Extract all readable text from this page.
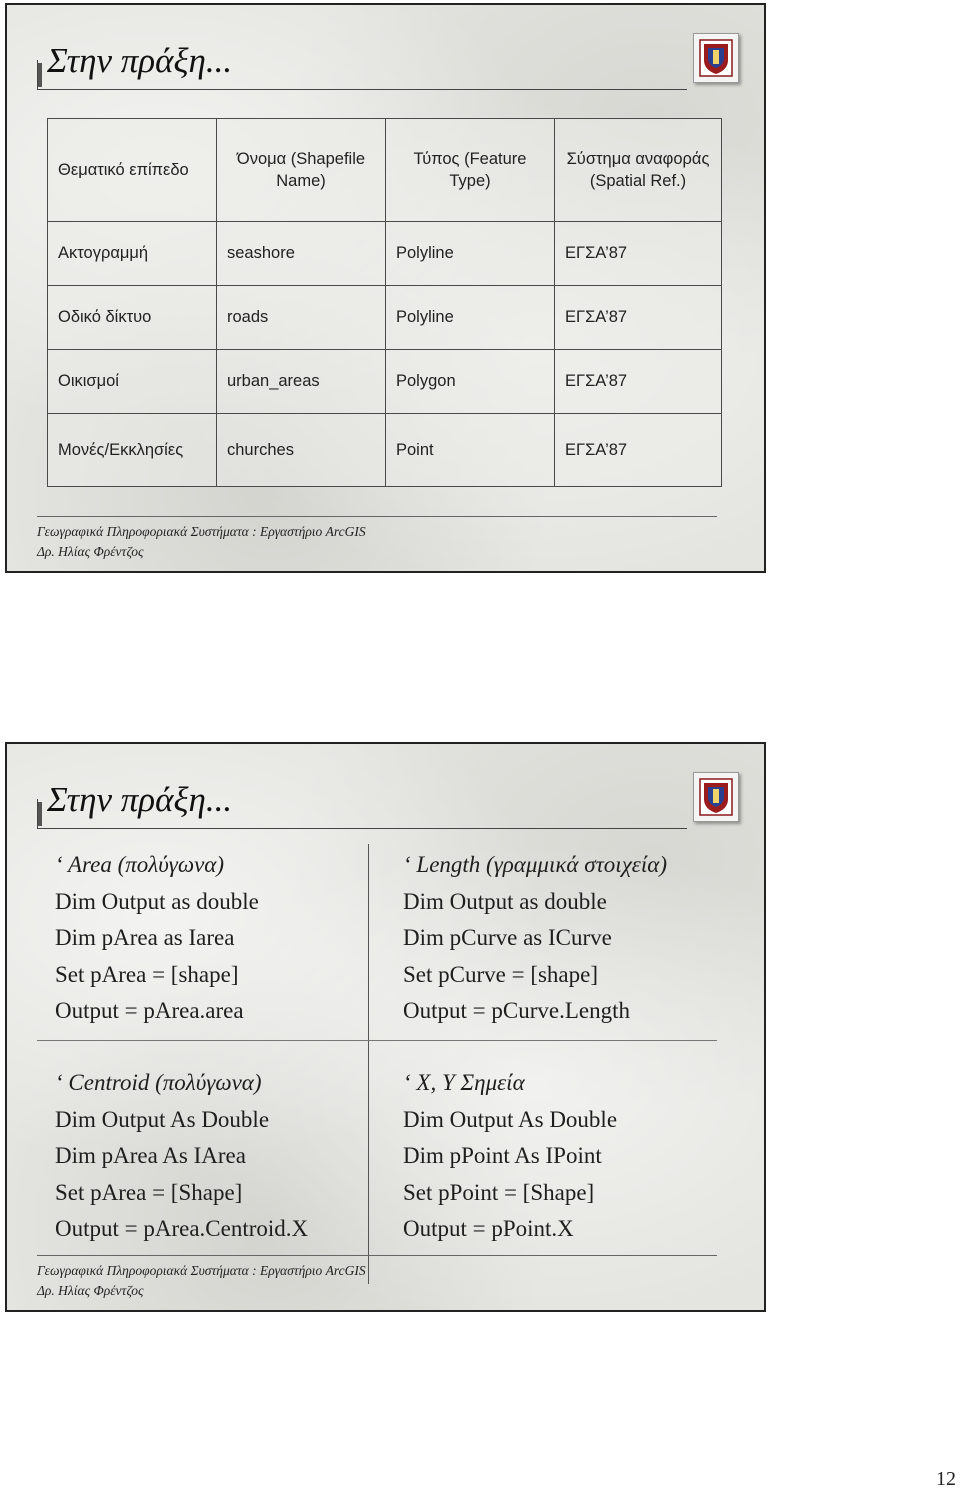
Στην πράξη...
Θεματικό επίπεδο	Όνομα (Shapefile Name)	Τύπος (Feature Type)	Σύστημα αναφοράς (Spatial Ref.)
Ακτογραμμή	seashore	Polyline	ΕΓΣΑ’87
Οδικό δίκτυο	roads	Polyline	ΕΓΣΑ’87
Οικισμοί	urban_areas	Polygon	ΕΓΣΑ’87
Μονές/Εκκλησίες	churches	Point	ΕΓΣΑ’87
Γεωγραφικά Πληροφοριακά Συστήματα : Εργαστήριο ArcGIS
Δρ. Ηλίας Φρέντζος
Στην πράξη...
‘ Area (πολύγωνα)
Dim Output as double
Dim pArea as Iarea
Set pArea = [shape]
Output = pArea.area
‘ Length (γραμμικά στοιχεία)
Dim Output as double
Dim pCurve as ICurve
Set pCurve = [shape]
Output = pCurve.Length
‘ Centroid (πολύγωνα)
Dim Output As Double
Dim pArea As IArea
Set pArea = [Shape]
Output = pArea.Centroid.X
‘ X, Y Σημεία
Dim Output As Double
Dim pPoint As IPoint
Set pPoint = [Shape]
Output = pPoint.X
Γεωγραφικά Πληροφοριακά Συστήματα : Εργαστήριο ArcGIS
Δρ. Ηλίας Φρέντζος
12
